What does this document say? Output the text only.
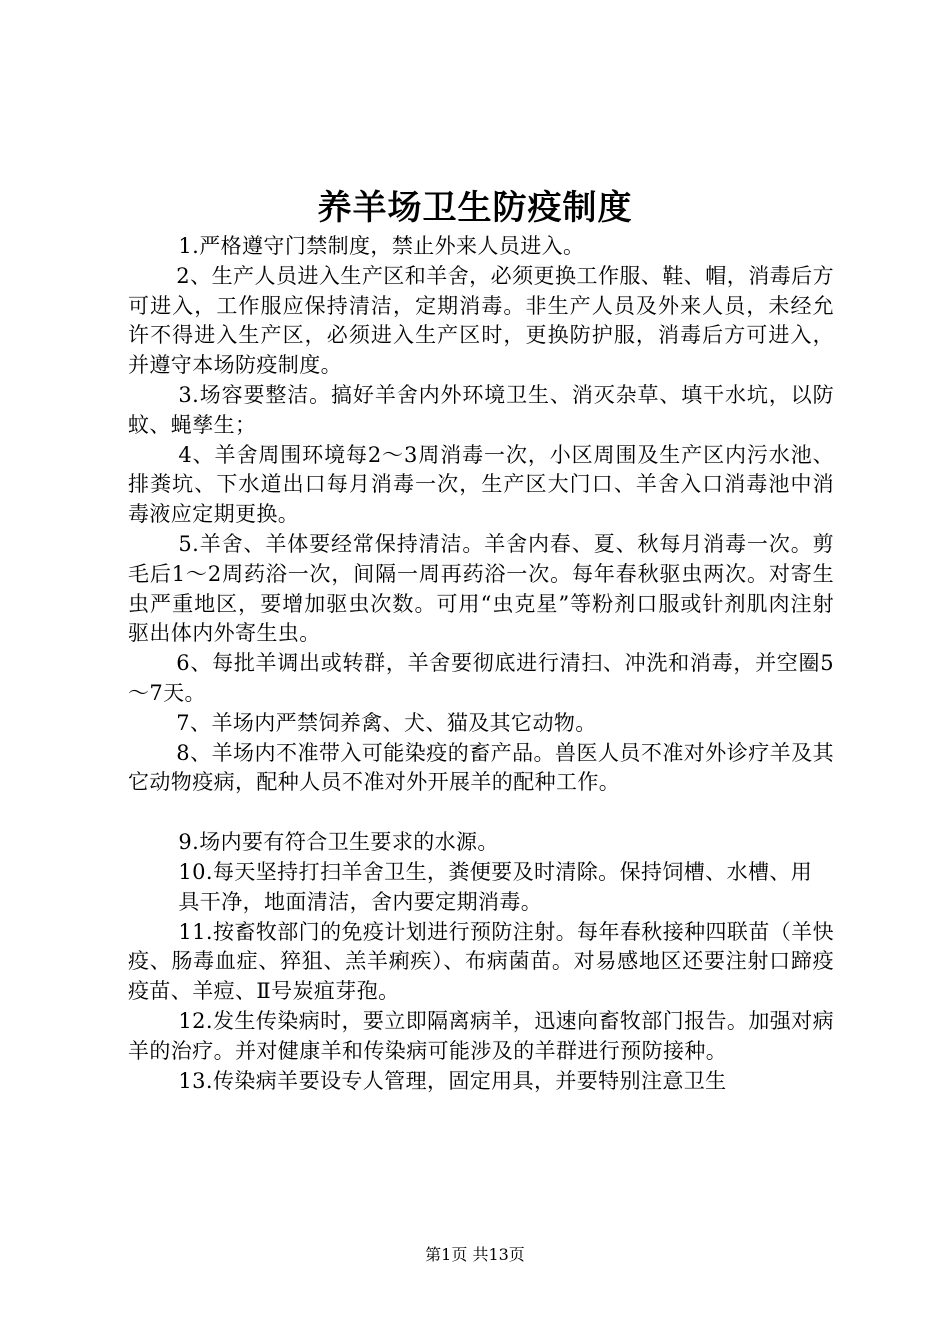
养羊场卫生防疫制度

1.严格遵守门禁制度，禁止外来人员进入。

2、生产人员进入生产区和羊舍，必须更换工作服、鞋、帽，消毒后方可进入，工作服应保持清洁，定期消毒。非生产人员及外来人员，未经允许不得进入生产区，必须进入生产区时，更换防护服，消毒后方可进入，并遵守本场防疫制度。

3.场容要整洁。搞好羊舍内外环境卫生、消灭杂草、填干水坑，以防蚊、蝇孳生；

4、羊舍周围环境每2～3周消毒一次，小区周围及生产区内污水池、排粪坑、下水道出口每月消毒一次，生产区大门口、羊舍入口消毒池中消毒液应定期更换。

5.羊舍、羊体要经常保持清洁。羊舍内春、夏、秋每月消毒一次。剪毛后1～2周药浴一次，间隔一周再药浴一次。每年春秋驱虫两次。对寄生虫严重地区，要增加驱虫次数。可用“虫克星”等粉剂口服或针剂肌肉注射驱出体内外寄生虫。

6、每批羊调出或转群，羊舍要彻底进行清扫、冲洗和消毒，并空圈5～7天。

7、羊场内严禁饲养禽、犬、猫及其它动物。

8、羊场内不准带入可能染疫的畜产品。兽医人员不准对外诊疗羊及其它动物疫病，配种人员不准对外开展羊的配种工作。

9.场内要有符合卫生要求的水源。

10.每天坚持打扫羊舍卫生，粪便要及时清除。保持饲槽、水槽、用

具干净，地面清洁，舍内要定期消毒。

11.按畜牧部门的免疫计划进行预防注射。每年春秋接种四联苗（羊快疫、肠毒血症、猝狙、羔羊痢疾）、布病菌苗。对易感地区还要注射口蹄疫疫苗、羊痘、Ⅱ号炭疽芽孢。

12.发生传染病时，要立即隔离病羊，迅速向畜牧部门报告。加强对病羊的治疗。并对健康羊和传染病可能涉及的羊群进行预防接种。

13.传染病羊要设专人管理，固定用具，并要特别注意卫生

第1页 共13页
